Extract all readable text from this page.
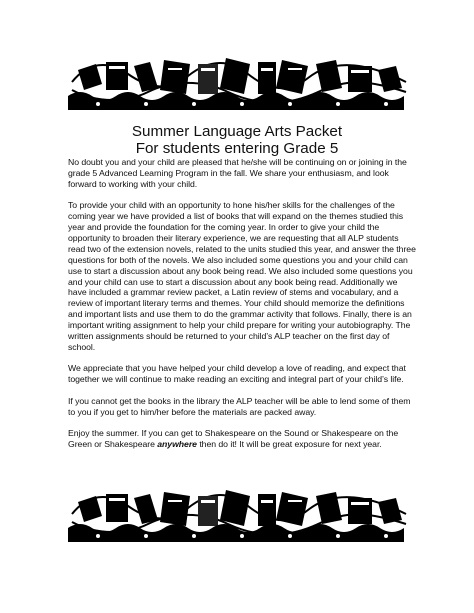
Summer Language Arts Packet
For students entering Grade 5

No doubt you and your child are pleased that he/she will be continuing on or joining in the grade 5 Advanced Learning Program in the fall. We share your enthusiasm, and look forward to working with your child.

To provide your child with an opportunity to hone his/her skills for the challenges of the coming year we have provided a list of books that will expand on the themes studied this year and provide the foundation for the coming year. In order to give your child the opportunity to broaden their literary experience, we are requesting that all ALP students read two of the extension novels, related to the units studied this year, and answer the three questions for both of the novels. We also included some questions you and your child can use to start a discussion about any book being read. We also included some questions you and your child can use to start a discussion about any book being read. Additionally we have included a grammar review packet, a Latin review of stems and vocabulary, and a review of important literary terms and themes. Your child should memorize the definitions and important lists and use them to do the grammar activity that follows. Finally, there is an important writing assignment to help your child prepare for writing your autobiography. The written assignments should be returned to your child’s ALP teacher on the first day of school.

We appreciate that you have helped your child develop a love of reading, and expect that together we will continue to make reading an exciting and integral part of your child’s life.

If you cannot get the books in the library the ALP teacher will be able to lend some of them to you if you get to him/her before the materials are packed away.

Enjoy the summer. If you can get to Shakespeare on the Sound or Shakespeare on the Green or Shakespeare anywhere then do it! It will be great exposure for next year.
